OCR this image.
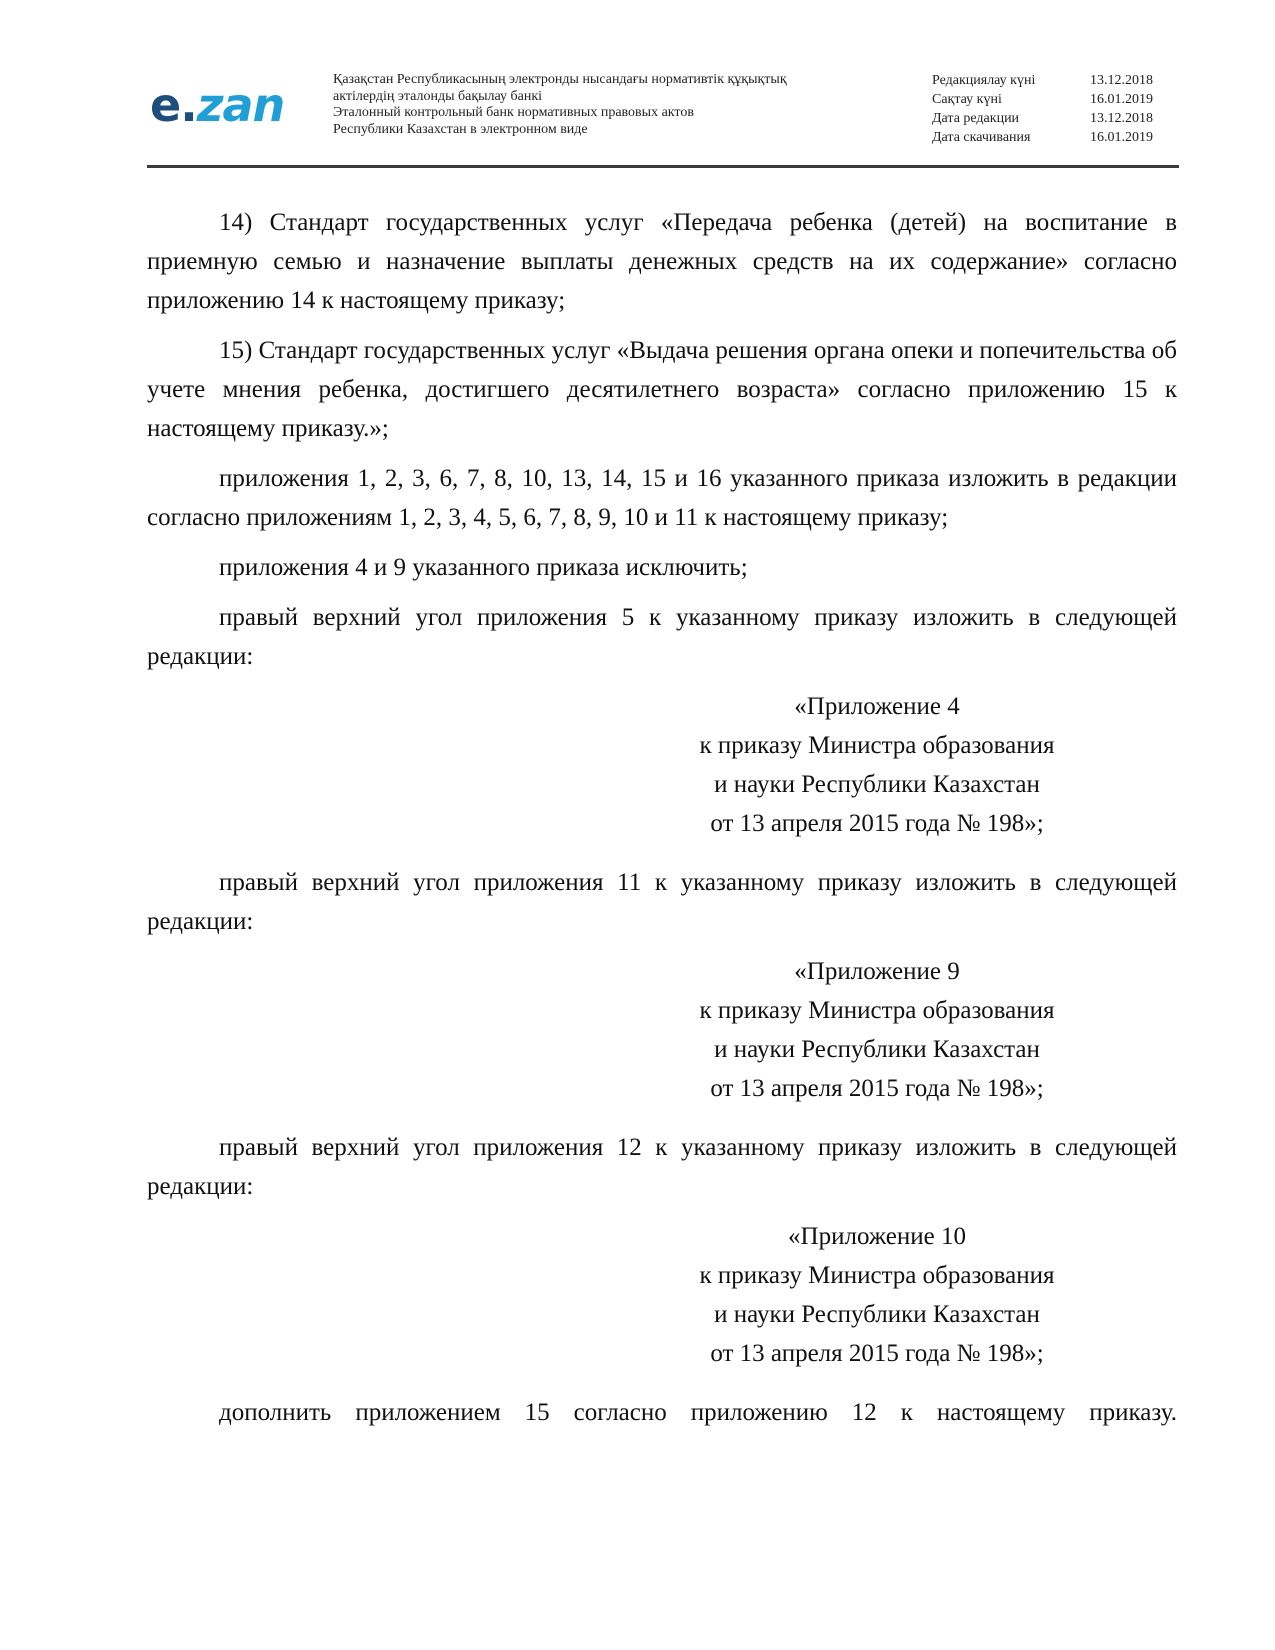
e.zan	Қазақстан Республикасының электронды нысандағы нормативтік құқықтық
актілердің эталонды бақылау банкі
Эталонный контрольный банк нормативных правовых актов
Республики Казахстан в электронном виде
Редакциялау күні	13.12.2018
Сақтау күні	16.01.2019
Дата редакции	13.12.2018
Дата скачивания	16.01.2019

14) Стандарт государственных услуг «Передача ребенка (детей) на воспитание в приемную семью и назначение выплаты денежных средств на их содержание» согласно приложению 14 к настоящему приказу;

15) Стандарт государственных услуг «Выдача решения органа опеки и попечительства об учете мнения ребенка, достигшего десятилетнего возраста» согласно приложению 15 к настоящему приказу.»;

приложения 1, 2, 3, 6, 7, 8, 10, 13, 14, 15 и 16 указанного приказа изложить в редакции согласно приложениям 1, 2, 3, 4, 5, 6, 7, 8, 9, 10 и 11 к настоящему приказу;

приложения 4 и 9 указанного приказа исключить;

правый верхний угол приложения 5 к указанному приказу изложить в следующей редакции:

«Приложение 4
к приказу Министра образования
и науки Республики Казахстан
от 13 апреля 2015 года № 198»;

правый верхний угол приложения 11 к указанному приказу изложить в следующей редакции:

«Приложение 9
к приказу Министра образования
и науки Республики Казахстан
от 13 апреля 2015 года № 198»;

правый верхний угол приложения 12 к указанному приказу изложить в следующей редакции:

«Приложение 10
к приказу Министра образования
и науки Республики Казахстан
от 13 апреля 2015 года № 198»;

дополнить приложением 15 согласно приложению 12 к настоящему приказу.
